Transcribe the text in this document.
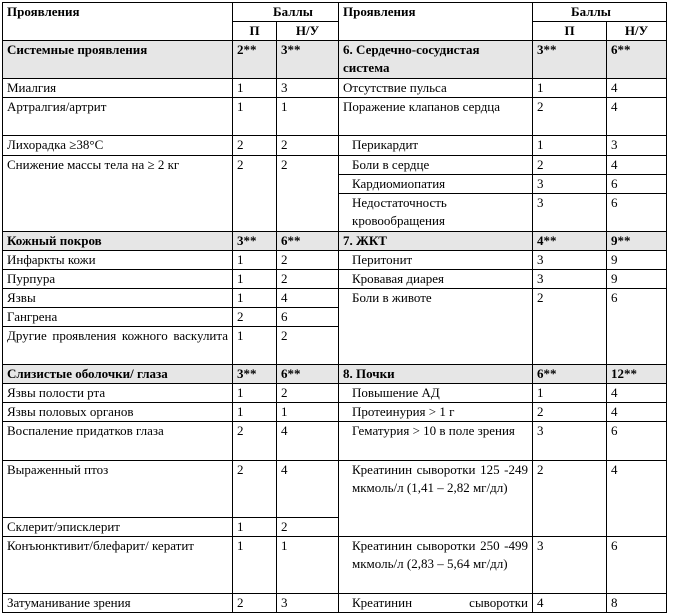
Проявления	Баллы		Проявления	Баллы	
	П	Н/У		П	Н/У
Системные проявления	2**	3**	6. Сердечно-сосудистая система	3**	6**
Миалгия	1	3	Отсутствие пульса	1	4
Артралгия/артрит	1	1	Поражение клапанов сердца	2	4
Лихорадка ≥38°C	2	2	Перикардит	1	3
Снижение массы тела на ≥ 2 кг	2	2	Боли в сердце	2	4
			Кардиомиопатия	3	6
			Недостаточность кровообращения	3	6
Кожный покров	3**	6**	7. ЖКТ	4**	9**
Инфаркты кожи	1	2	Перитонит	3	9
Пурпура	1	2	Кровавая диарея	3	9
Язвы	1	4	Боли в животе	2	6
Гангрена	2	6			
Другие проявления кожного васкулита	1	2			
Слизистые оболочки/ глаза	3**	6**	8. Почки	6**	12**
Язвы полости рта	1	2	Повышение АД	1	4
Язвы половых органов	1	1	Протеинурия > 1 г	2	4
Воспаление придатков глаза	2	4	Гематурия > 10 в поле зрения	3	6
Выраженный птоз	2	4	Креатинин сыворотки 125 -249 мкмоль/л (1,41 – 2,82 мг/дл)	2	4
Склерит/эписклерит	1	2			
Конъюнктивит/блефарит/ кератит	1	1	Креатинин сыворотки 250 -499 мкмоль/л (2,83 – 5,64 мг/дл)	3	6
Затуманивание зрения	2	3	Креатинин сыворотки	4	8
